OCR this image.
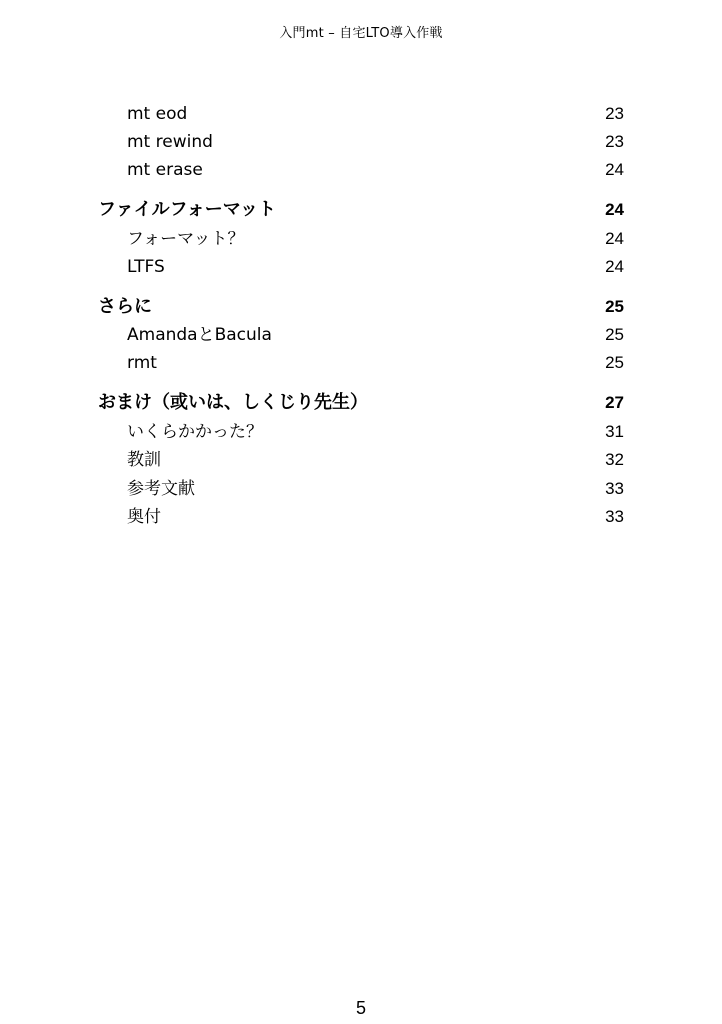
入門mt – 自宅LTO導入作戦
mt eod	23
mt rewind	23
mt erase	24
ファイルフォーマット	24
フォーマット？	24
LTFS	24
さらに	25
AmandaとBacula	25
rmt	25
おまけ（或いは、しくじり先生）	27
いくらかかった？	31
教訓	32
参考文献	33
奥付	33
5
